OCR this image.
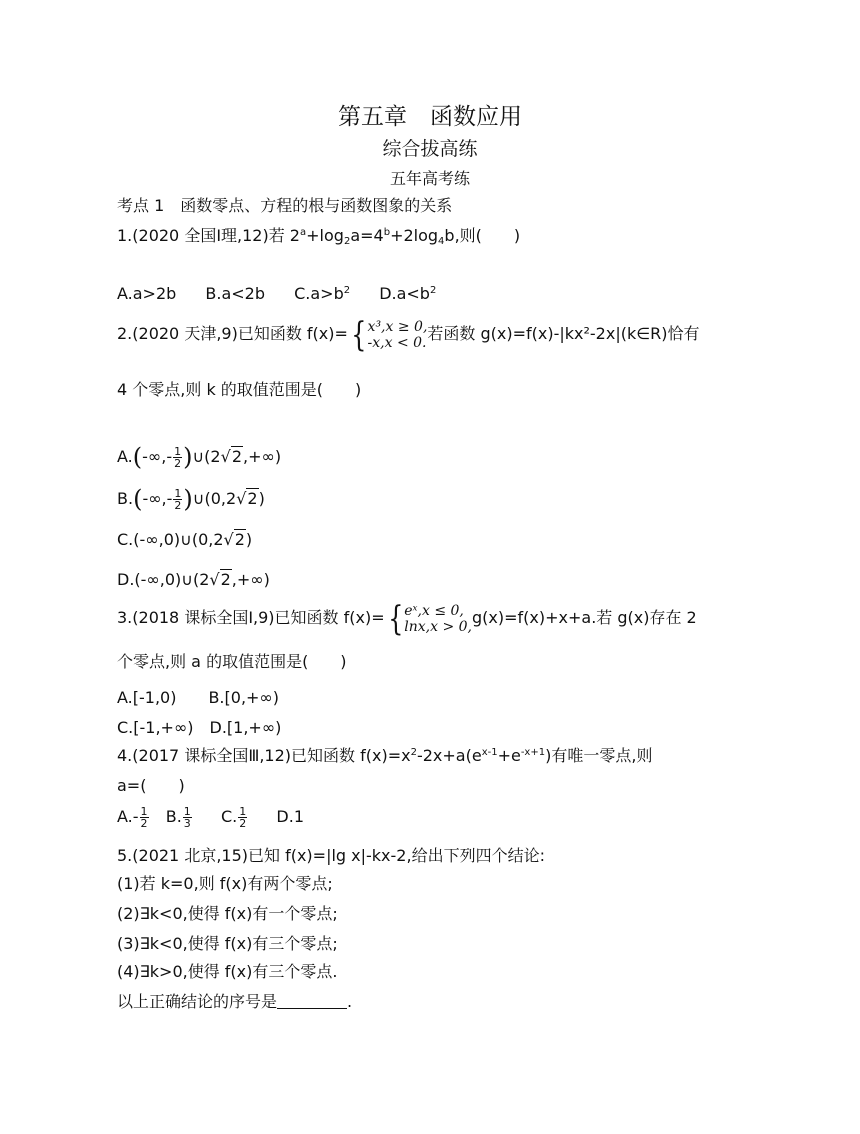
第五章　函数应用
综合拔高练
五年高考练
考点 1　函数零点、方程的根与函数图象的关系
1.(2020 全国Ⅰ理,12)若 $2^a+\log_2a=4^b+2\log_4b$,则(　　)
A.a>2b B.a<2b $C.a>b^2$ $D.a<b^2$
2.(2020 天津,9)已知函数 f(x)={ x³,x ≥ 0,
-x,x < 0. 若函数 g(x)=f(x)-|kx²-2x|(k∈R)恰有
4 个零点,则 k 的取值范围是(　　)
$A.(-\infty,- \frac{1}{2}$ )∪(2√2,+∞)
$B.(-\infty,- \frac{1}{2}$ )∪(0,2√2)
C.(-∞,0)∪(0,2√2)
D.(-∞,0)∪(2√2,+∞)
3.(2018 课标全国Ⅰ,9)已知函数 f(x)={ eˣ,x ≤ 0,
lnx,x > 0, g(x)=f(x)+x+a.若 g(x)存在 2
个零点,则 a 的取值范围是(　　)
A.[-1,0)　　B.[0,+∞)
C.[-1,+∞)　D.[1,+∞)
4.(2017 课标全国Ⅲ,12)已知函数 $f(x)=x^2-2x+a(e^{x-1}+e^{-x+1})$有唯一零点,则
a=(　　)
$A.- \frac{1}{2} B$. $\frac{1}{3} C$. $\frac{1}{2} D.1$
5.(2021 北京,15)已知 f(x)=|lg x|-kx-2,给出下列四个结论:
(1)若 k=0,则 f(x)有两个零点;
(2)∃k<0,使得 f(x)有一个零点;
(3)∃k<0,使得 f(x)有三个零点;
(4)∃k>0,使得 f(x)有三个零点.
以上正确结论的序号是	.
